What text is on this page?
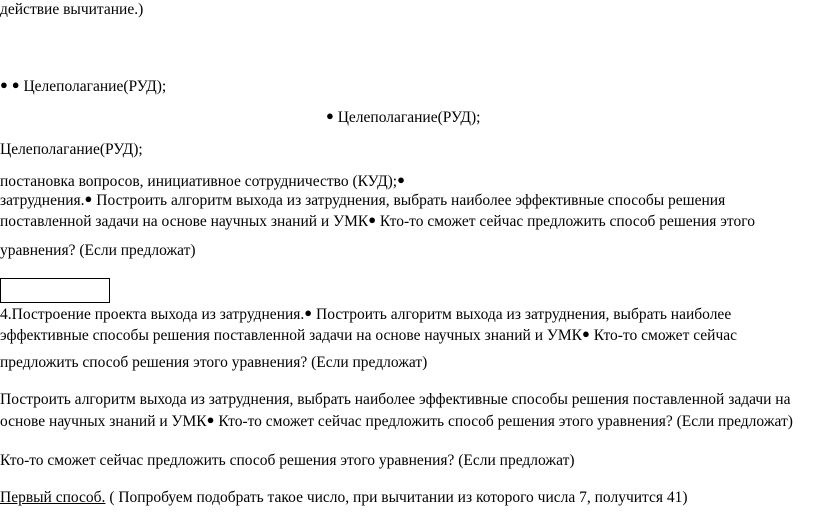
действие вычитание.)
● ● Целеполагание(РУД);
● Целеполагание(РУД);
Целеполагание(РУД);
постановка вопросов, инициативное сотрудничество (КУД);●
затруднения.● Построить алгоритм выхода из затруднения, выбрать наиболее эффективные способы решения
поставленной задачи на основе научных знаний и УМК● Кто-то сможет сейчас предложить способ решения этого
уравнения? (Если предложат)
4.Построение проекта выхода из затруднения.● Построить алгоритм выхода из затруднения, выбрать наиболее
эффективные способы решения поставленной задачи на основе научных знаний и УМК● Кто-то сможет сейчас
предложить способ решения этого уравнения? (Если предложат)
Построить алгоритм выхода из затруднения, выбрать наиболее эффективные способы решения поставленной задачи на
основе научных знаний и УМК● Кто-то сможет сейчас предложить способ решения этого уравнения? (Если предложат)
Кто-то сможет сейчас предложить способ решения этого уравнения? (Если предложат)
Первый способ. ( Попробуем подобрать такое число, при вычитании из которого числа 7, получится 41)
